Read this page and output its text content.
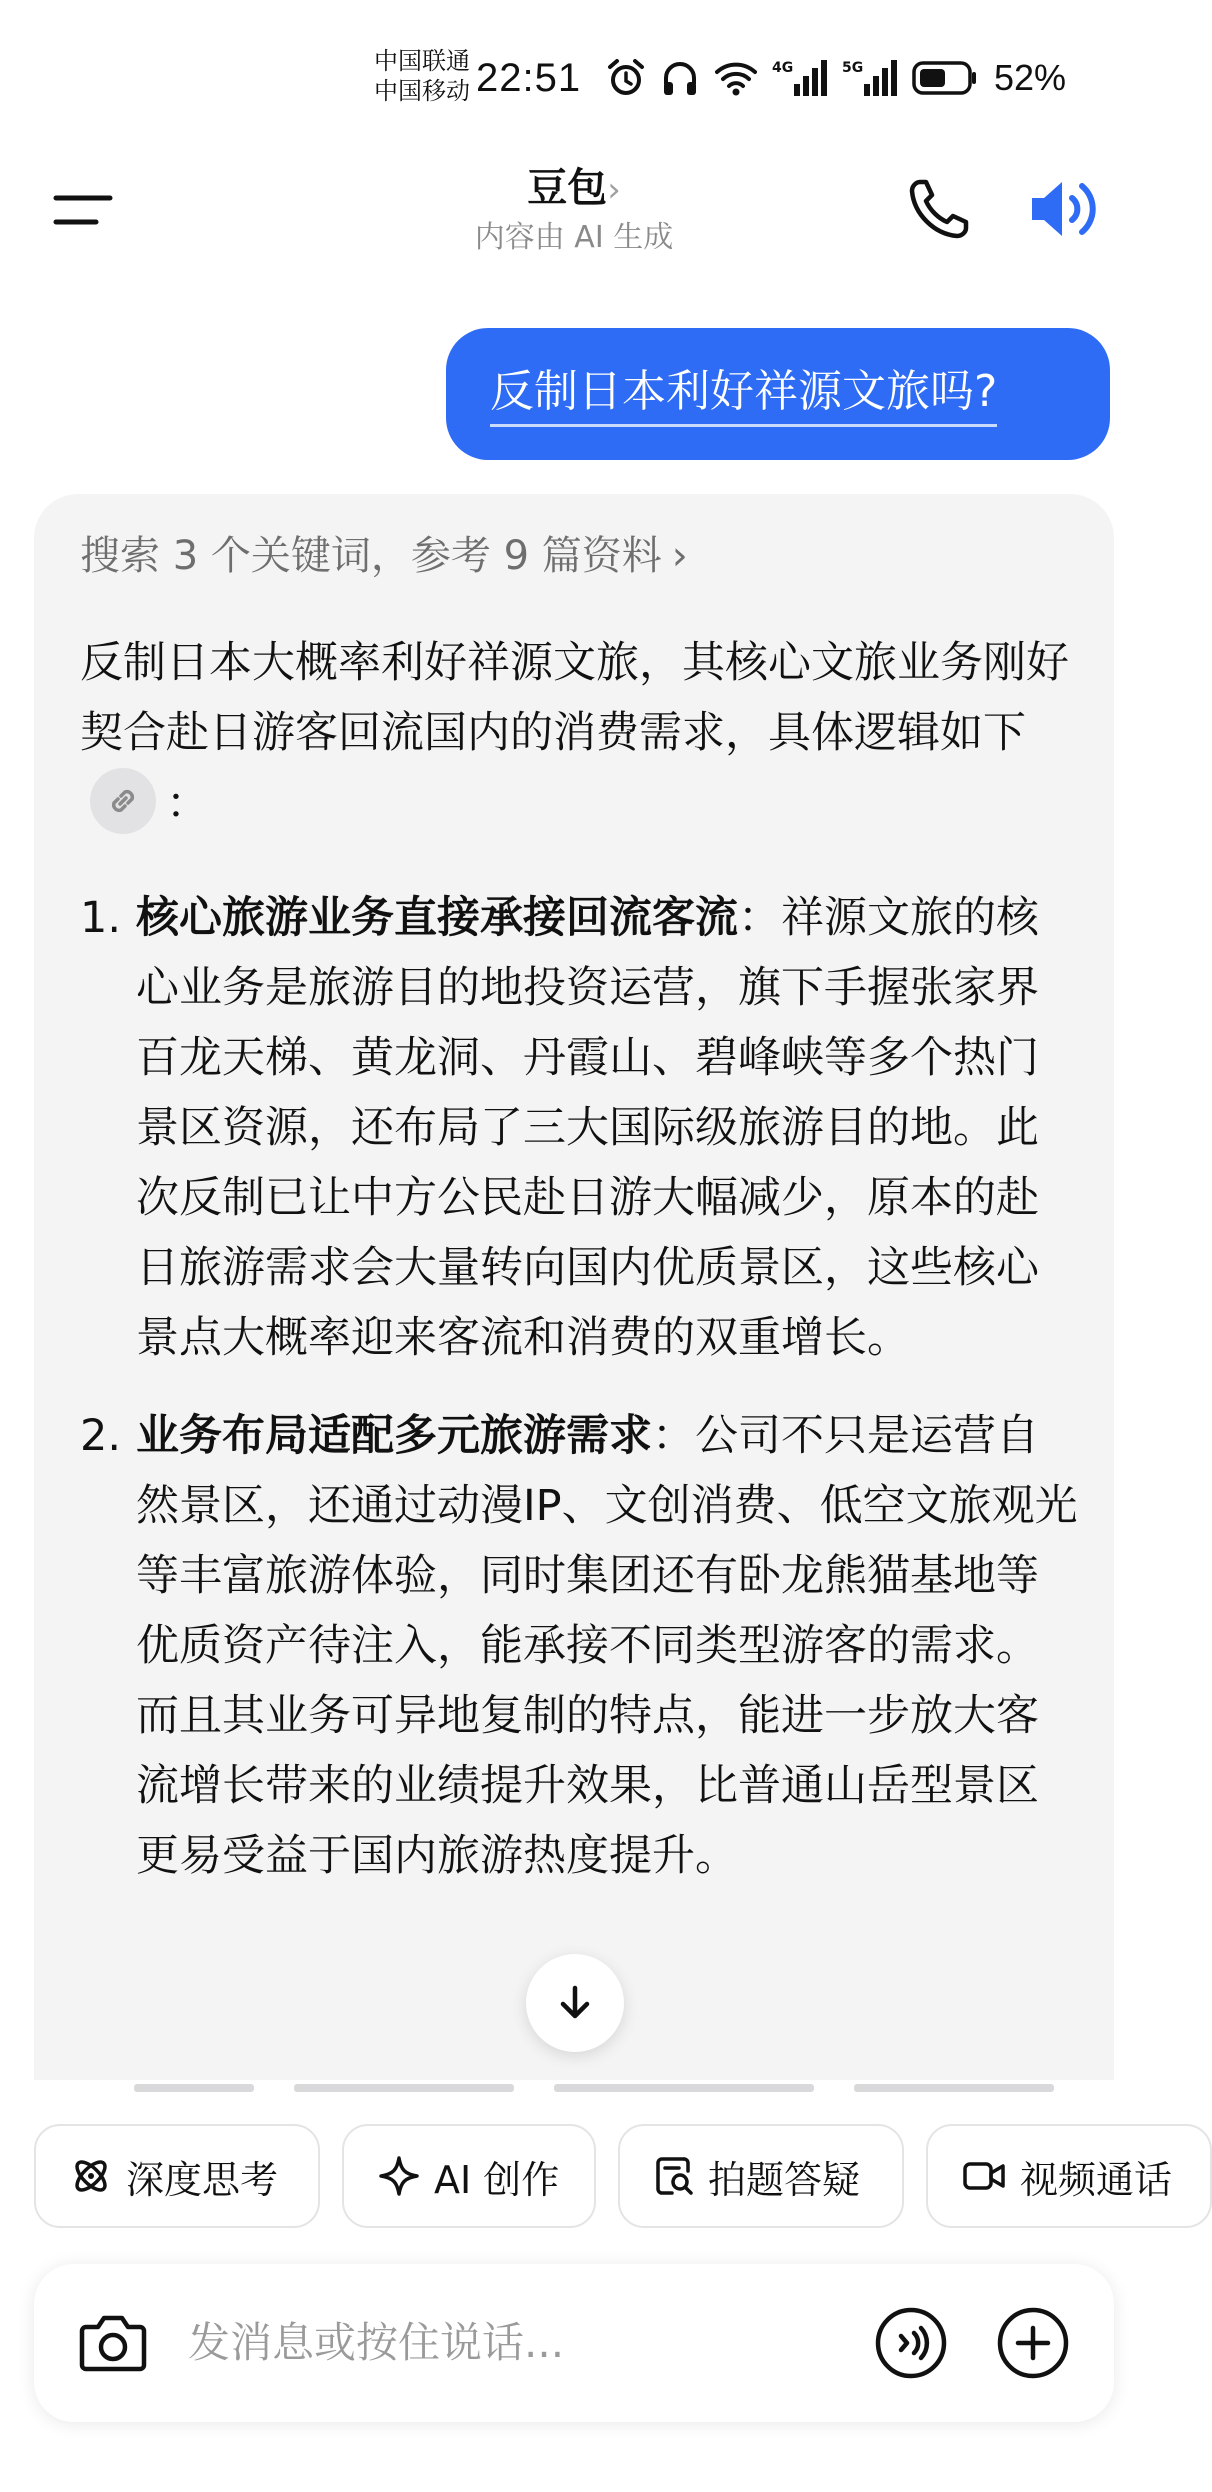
中国联通
中国移动 22:51	4G	5G	52%
豆包›
内容由 AI 生成
反制日本利好祥源文旅吗?
搜索 3 个关键词，参考 9 篇资料 ›

反制日本大概率利好祥源文旅，其核心文旅业务刚好契合赴日游客回流国内的消费需求，具体逻辑如下
：

1. 核心旅游业务直接承接回流客流：祥源文旅的核心业务是旅游目的地投资运营，旗下手握张家界百龙天梯、黄龙洞、丹霞山、碧峰峡等多个热门景区资源，还布局了三大国际级旅游目的地。此次反制已让中方公民赴日游大幅减少，原本的赴日旅游需求会大量转向国内优质景区，这些核心景点大概率迎来客流和消费的双重增长。
2. 业务布局适配多元旅游需求：公司不只是运营自然景区，还通过动漫IP、文创消费、低空文旅观光等丰富旅游体验，同时集团还有卧龙熊猫基地等优质资产待注入，能承接不同类型游客的需求。而且其业务可异地复制的特点，能进一步放大客流增长带来的业绩提升效果，比普通山岳型景区更易受益于国内旅游热度提升。
深度思考	AI 创作	拍题答疑	视频通话
发消息或按住说话...
